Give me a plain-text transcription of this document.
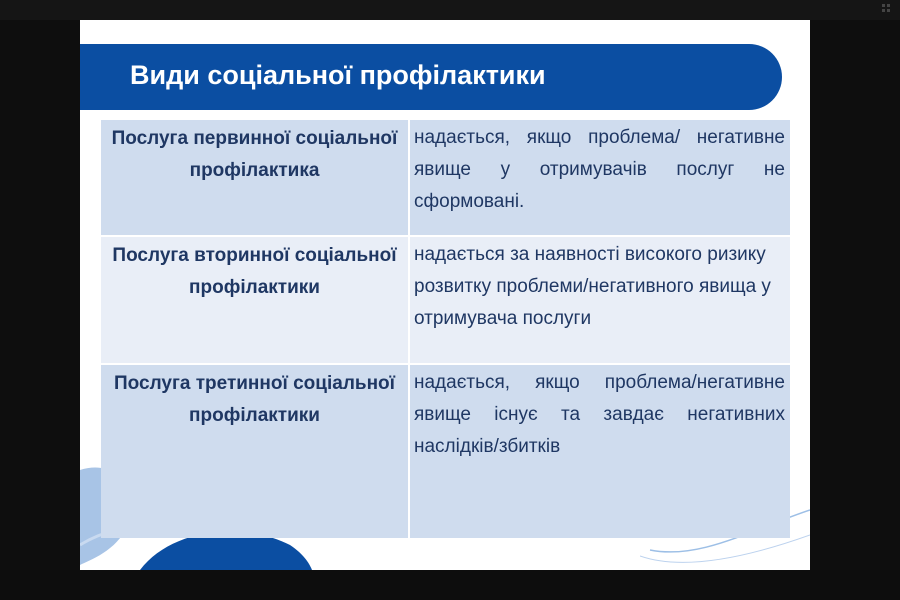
Види соціальної профілактики
Послуга первинної соціальної профілактика	надається, якщо проблема/ негативне явище у отримувачів послуг не сформовані.
Послуга вторинної соціальної профілактики	надається за наявності високого ризику розвитку проблеми/негативного явища у отримувача послуги
Послуга третинної соціальної профілактики	надається, якщо проблема/негативне явище існує та завдає негативних наслідків/збитків
